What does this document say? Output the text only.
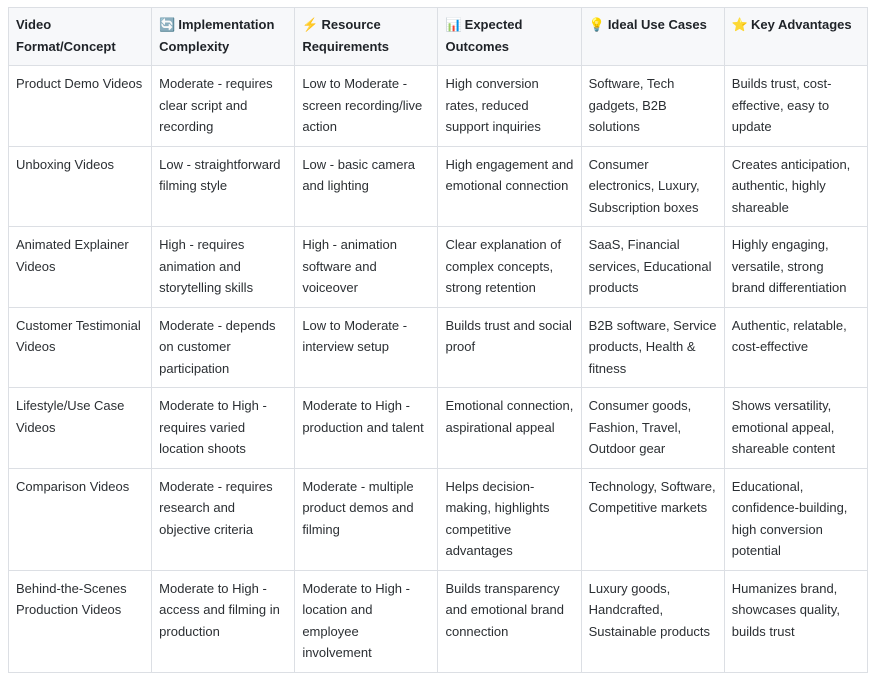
Video Format/Concept	🔄 Implementation Complexity	⚡ Resource Requirements	📊 Expected Outcomes	💡 Ideal Use Cases	⭐ Key Advantages
Product Demo Videos	Moderate - requires clear script and recording	Low to Moderate - screen recording/live action	High conversion rates, reduced support inquiries	Software, Tech gadgets, B2B solutions	Builds trust, cost-effective, easy to update
Unboxing Videos	Low - straightforward filming style	Low - basic camera and lighting	High engagement and emotional connection	Consumer electronics, Luxury, Subscription boxes	Creates anticipation, authentic, highly shareable
Animated Explainer Videos	High - requires animation and storytelling skills	High - animation software and voiceover	Clear explanation of complex concepts, strong retention	SaaS, Financial services, Educational products	Highly engaging, versatile, strong brand differentiation
Customer Testimonial Videos	Moderate - depends on customer participation	Low to Moderate - interview setup	Builds trust and social proof	B2B software, Service products, Health & fitness	Authentic, relatable, cost-effective
Lifestyle/Use Case Videos	Moderate to High - requires varied location shoots	Moderate to High - production and talent	Emotional connection, aspirational appeal	Consumer goods, Fashion, Travel, Outdoor gear	Shows versatility, emotional appeal, shareable content
Comparison Videos	Moderate - requires research and objective criteria	Moderate - multiple product demos and filming	Helps decision-making, highlights competitive advantages	Technology, Software, Competitive markets	Educational, confidence-building, high conversion potential
Behind-the-Scenes Production Videos	Moderate to High - access and filming in production	Moderate to High - location and employee involvement	Builds transparency and emotional brand connection	Luxury goods, Handcrafted, Sustainable products	Humanizes brand, showcases quality, builds trust
